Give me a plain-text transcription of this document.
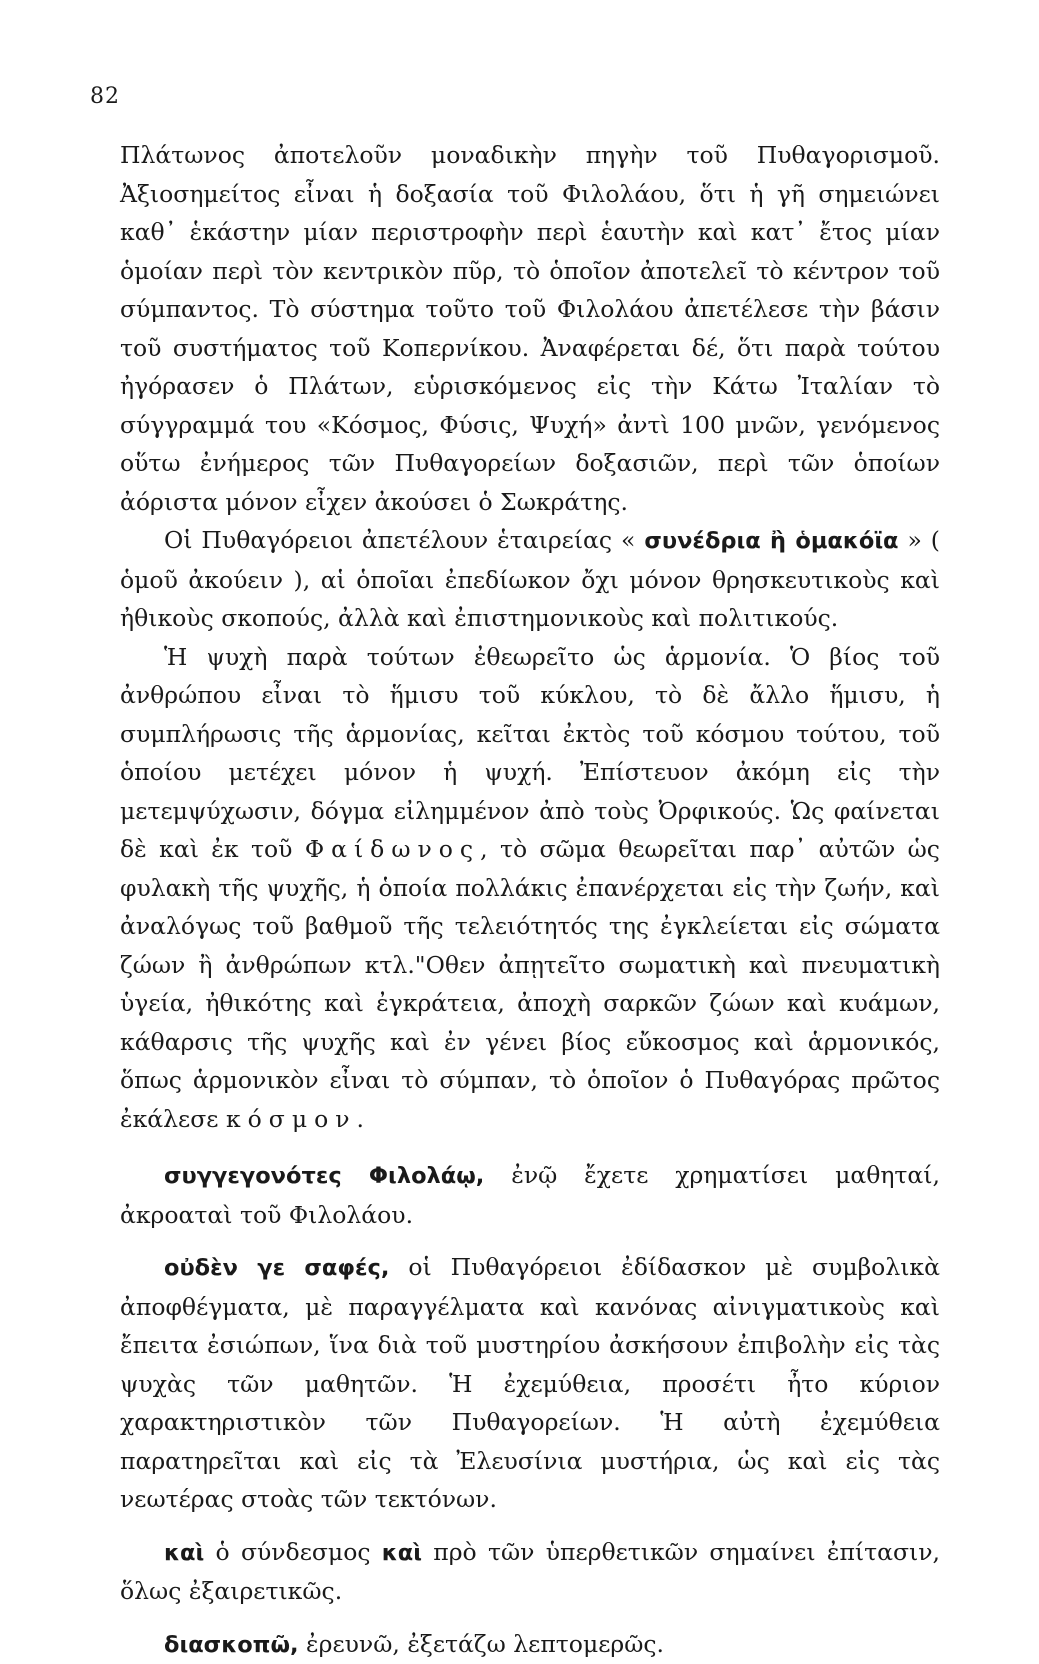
82

Πλάτωνος ἀποτελοῦν μοναδικὴν πηγὴν τοῦ Πυθαγορισμοῦ. Ἀξιοσημείτος εἶναι ἡ δοξασία τοῦ Φιλολάου, ὅτι ἡ γῆ σημειώνει καθ᾽ ἑκάστην μίαν περιστροφὴν περὶ ἑαυτὴν καὶ κατ᾽ ἔτος μίαν ὁμοίαν περὶ τὸν κεντρικὸν πῦρ, τὸ ὁποῖον ἀποτελεῖ τὸ κέντρον τοῦ σύμπαντος. Τὸ σύστημα τοῦτο τοῦ Φιλολάου ἀπετέλεσε τὴν βάσιν τοῦ συστήματος τοῦ Κοπερνίκου. Ἀναφέρεται δέ, ὅτι παρὰ τούτου ἠγόρασεν ὁ Πλάτων, εὑρισκόμενος εἰς τὴν Κάτω Ἰταλίαν τὸ σύγγραμμά του «Κόσμος, Φύσις, Ψυχή» ἀντὶ 100 μνῶν, γενόμενος οὕτω ἐνήμερος τῶν Πυθαγορείων δοξασιῶν, περὶ τῶν ὁποίων ἀόριστα μόνον εἶχεν ἀκούσει ὁ Σωκράτης.

Οἱ Πυθαγόρειοι ἀπετέλουν ἑταιρείας « συνέδρια ἢ ὁμακόϊα » ( ὁμοῦ ἀκούειν ), αἱ ὁποῖαι ἐπεδίωκον ὄχι μόνον θρησκευτικοὺς καὶ ἠθικοὺς σκοπούς, ἀλλὰ καὶ ἐπιστημονικοὺς καὶ πολιτικούς.

Ἡ ψυχὴ παρὰ τούτων ἐθεωρεῖτο ὡς ἁρμονία. Ὁ βίος τοῦ ἀνθρώπου εἶναι τὸ ἥμισυ τοῦ κύκλου, τὸ δὲ ἄλλο ἥμισυ, ἡ συμπλήρωσις τῆς ἁρμονίας, κεῖται ἐκτὸς τοῦ κόσμου τούτου, τοῦ ὁποίου μετέχει μόνον ἡ ψυχή. Ἐπίστευον ἀκόμη εἰς τὴν μετεμψύχωσιν, δόγμα εἰλημμένον ἀπὸ τοὺς Ὀρφικούς. Ὡς φαίνεται δὲ καὶ ἐκ τοῦ Φαίδωνος, τὸ σῶμα θεωρεῖται παρ᾽ αὐτῶν ὡς φυλακὴ τῆς ψυχῆς, ἡ ὁποία πολλάκις ἐπανέρχεται εἰς τὴν ζωήν, καὶ ἀναλόγως τοῦ βαθμοῦ τῆς τελειότητός της ἐγκλείεται εἰς σώματα ζώων ἢ ἀνθρώπων κτλ."Οθεν ἀπῃτεῖτο σωματικὴ καὶ πνευματικὴ ὑγεία, ἠθικότης καὶ ἐγκράτεια, ἀποχὴ σαρκῶν ζώων καὶ κυάμων, κάθαρσις τῆς ψυχῆς καὶ ἐν γένει βίος εὔκοσμος καὶ ἁρμονικός, ὅπως ἁρμονικὸν εἶναι τὸ σύμπαν, τὸ ὁποῖον ὁ Πυθαγόρας πρῶτος ἐκάλεσε κόσμον.

συγγεγονότες Φιλολάῳ, ἐνῷ ἔχετε χρηματίσει μαθηταί, ἀκροαταὶ τοῦ Φιλολάου.

οὐδὲν γε σαφές, οἱ Πυθαγόρειοι ἐδίδασκον μὲ συμβολικὰ ἀποφθέγματα, μὲ παραγγέλματα καὶ κανόνας αἰνιγματικοὺς καὶ ἔπειτα ἐσιώπων, ἵνα διὰ τοῦ μυστηρίου ἀσκήσουν ἐπιβολὴν εἰς τὰς ψυχὰς τῶν μαθητῶν. Ἡ ἐχεμύθεια, προσέτι ἦτο κύριον χαρακτηριστικὸν τῶν Πυθαγορείων. Ἡ αὐτὴ ἐχεμύθεια παρατηρεῖται καὶ εἰς τὰ Ἐλευσίνια μυστήρια, ὡς καὶ εἰς τὰς νεωτέρας στοὰς τῶν τεκτόνων.

καὶ ὁ σύνδεσμος καὶ πρὸ τῶν ὑπερθετικῶν σημαίνει ἐπίτασιν, ὅλως ἐξαιρετικῶς.

διασκοπῶ, ἐρευνῶ, ἐξετάζω λεπτομερῶς.
